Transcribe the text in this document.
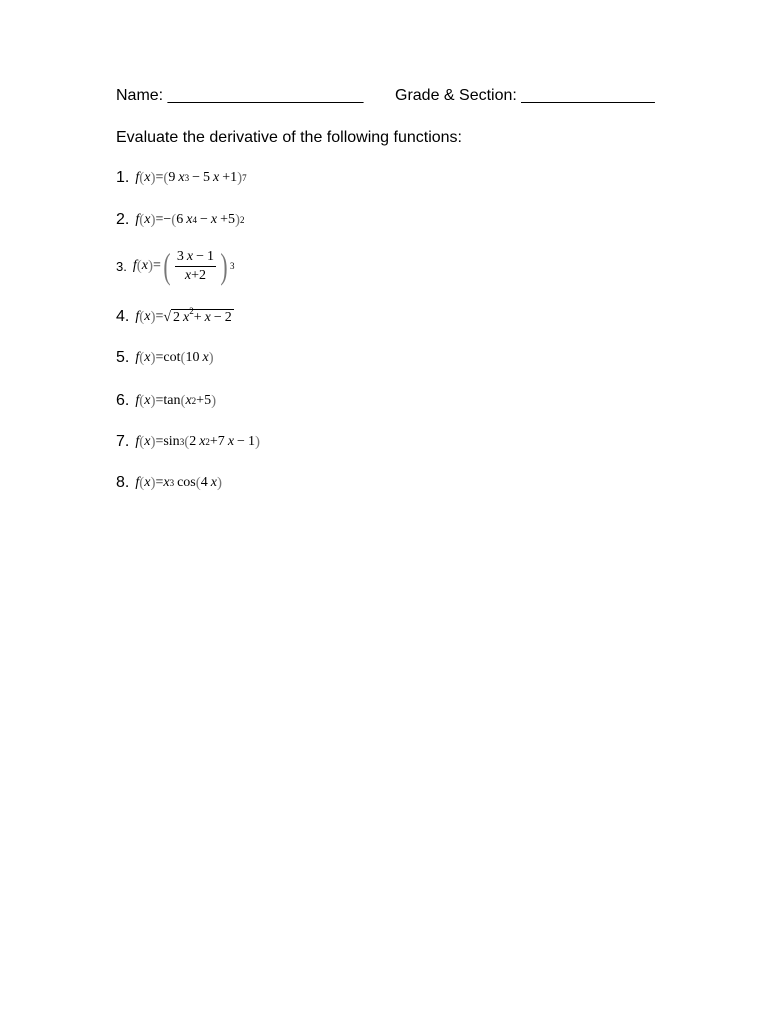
Name: ______________________ Grade & Section: _______________
Evaluate the derivative of the following functions:
1. f ( x ) = ( 9 x 3 − 5 x +1 ) 7
2. f ( x ) =− ( 6 x 4 − x +5 ) 2
3. f ( x ) = ( $\frac{3 x - 1}{x+2}$ ) 3
4. f ( x ) = √ 2 $x^2+ x - 2$
5. f ( x ) =cot ( 10 x )
6. f ( x ) =tan ( x 2 +5 )
7. f ( x ) =sin 3 ( 2 x 2 +7 x − 1 )
8. f ( x ) = x 3 cos ( 4 x )
